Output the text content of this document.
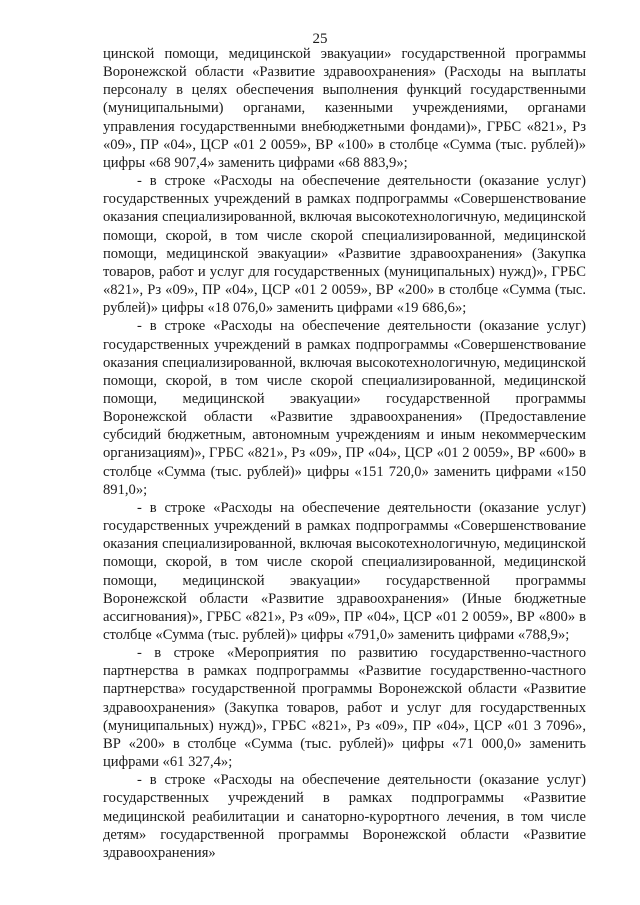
25

цинской помощи, медицинской эвакуации» государственной программы Воронежской области «Развитие здравоохранения» (Расходы на выплаты персоналу в целях обеспечения выполнения функций государственными (муниципальными) органами, казенными учреждениями, органами управления государственными внебюджетными фондами)», ГРБС «821», Рз «09», ПР «04», ЦСР «01 2 0059», ВР «100» в столбце «Сумма (тыс. рублей)» цифры «68 907,4» заменить цифрами «68 883,9»;

- в строке «Расходы на обеспечение деятельности (оказание услуг) государственных учреждений в рамках подпрограммы «Совершенствование оказания специализированной, включая высокотехнологичную, медицинской помощи, скорой, в том числе скорой специализированной, медицинской помощи, медицинской эвакуации» «Развитие здравоохранения» (Закупка товаров, работ и услуг для государственных (муниципальных) нужд)», ГРБС «821», Рз «09», ПР «04», ЦСР «01 2 0059», ВР «200» в столбце «Сумма (тыс. рублей)» цифры «18 076,0» заменить цифрами «19 686,6»;

- в строке «Расходы на обеспечение деятельности (оказание услуг) государственных учреждений в рамках подпрограммы «Совершенствование оказания специализированной, включая высокотехнологичную, медицинской помощи, скорой, в том числе скорой специализированной, медицинской помощи, медицинской эвакуации» государственной программы Воронежской области «Развитие здравоохранения» (Предоставление субсидий бюджетным, автономным учреждениям и иным некоммерческим организациям)», ГРБС «821», Рз «09», ПР «04», ЦСР «01 2 0059», ВР «600» в столбце «Сумма (тыс. рублей)» цифры «151 720,0» заменить цифрами «150 891,0»;

- в строке «Расходы на обеспечение деятельности (оказание услуг) государственных учреждений в рамках подпрограммы «Совершенствование оказания специализированной, включая высокотехнологичную, медицинской помощи, скорой, в том числе скорой специализированной, медицинской помощи, медицинской эвакуации» государственной программы Воронежской области «Развитие здравоохранения» (Иные бюджетные ассигнования)», ГРБС «821», Рз «09», ПР «04», ЦСР «01 2 0059», ВР «800» в столбце «Сумма (тыс. рублей)» цифры «791,0» заменить цифрами «788,9»;

- в строке «Мероприятия по развитию государственно-частного партнерства в рамках подпрограммы «Развитие государственно-частного партнерства» государственной программы Воронежской области «Развитие здравоохранения» (Закупка товаров, работ и услуг для государственных (муниципальных) нужд)», ГРБС «821», Рз «09», ПР «04», ЦСР «01 3 7096», ВР «200» в столбце «Сумма (тыс. рублей)» цифры «71 000,0» заменить цифрами «61 327,4»;

- в строке «Расходы на обеспечение деятельности (оказание услуг) государственных учреждений в рамках подпрограммы «Развитие медицинской реабилитации и санаторно-курортного лечения, в том числе детям» государственной программы Воронежской области «Развитие здравоохранения»
